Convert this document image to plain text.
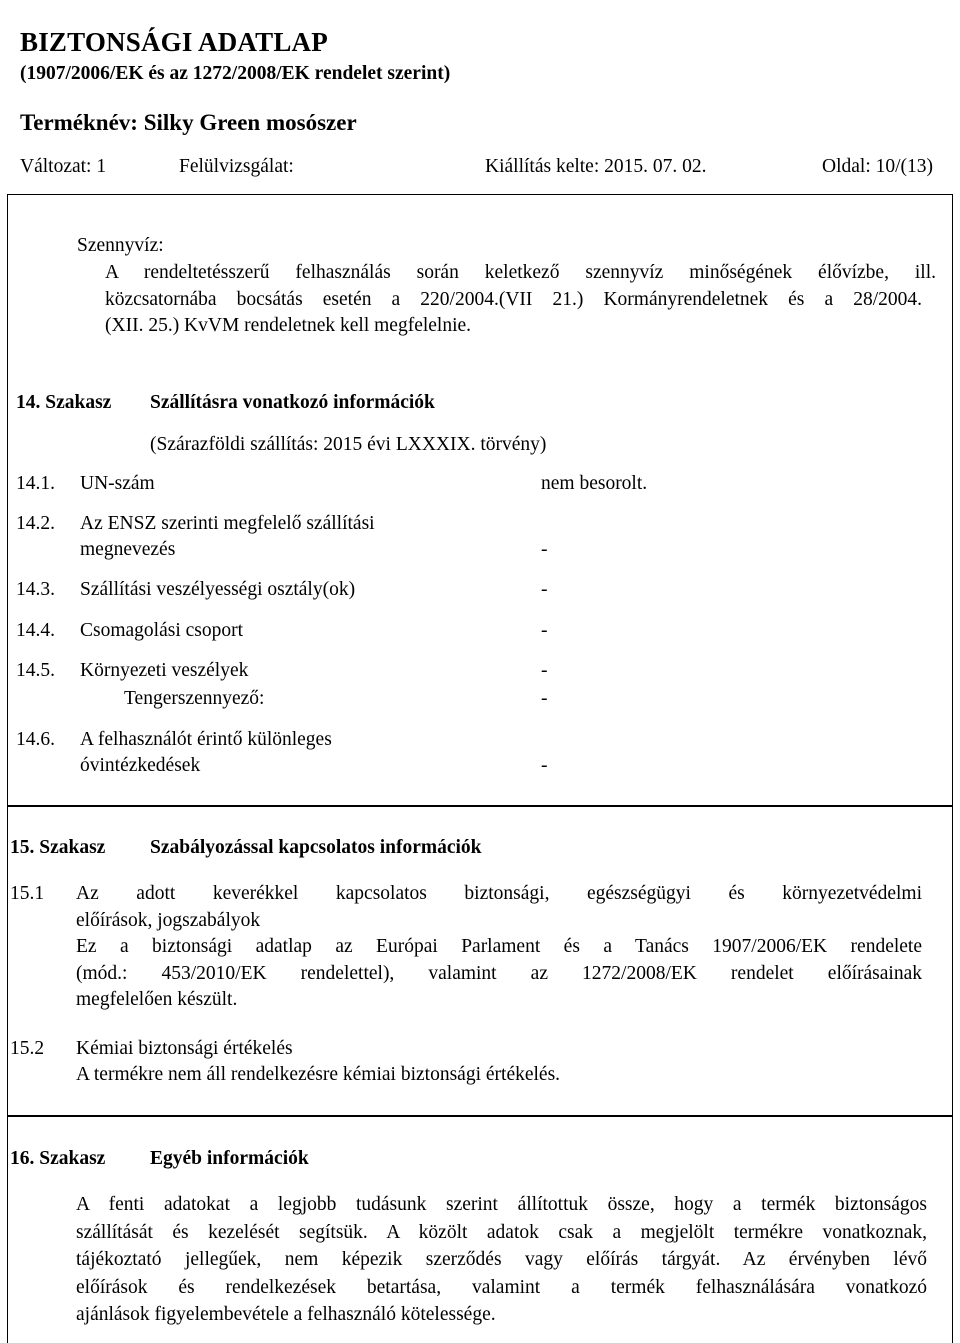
BIZTONSÁGI ADATLAP
(1907/2006/EK és az 1272/2008/EK rendelet szerint)
Terméknév: Silky Green mosószer
Változat: 1	Felülvizsgálat:	Kiállítás kelte: 2015. 07. 02.	Oldal: 10/(13)
Szennyvíz:
A rendeltetésszerű felhasználás során keletkező szennyvíz minőségének élővízbe, ill.
közcsatornába bocsátás esetén a 220/2004.(VII 21.) Kormányrendeletnek és a 28/2004.
(XII. 25.) KvVM rendeletnek kell megfelelnie.
14. Szakasz Szállításra vonatkozó információk
(Szárazföldi szállítás: 2015 évi LXXXIX. törvény)
14.1. UN-szám	nem besorolt.
14.2. Az ENSZ szerinti megfelelő szállítási
megnevezés	-
14.3. Szállítási veszélyességi osztály(ok)	-
14.4. Csomagolási csoport	-
14.5. Környezeti veszélyek	-
Tengerszennyező:	-
14.6. A felhasználót érintő különleges
óvintézkedések	-
15. Szakasz Szabályozással kapcsolatos információk
15.1 Az adott keverékkel kapcsolatos biztonsági, egészségügyi és környezetvédelmi
előírások, jogszabályok
Ez a biztonsági adatlap az Európai Parlament és a Tanács 1907/2006/EK rendelete
(mód.: 453/2010/EK rendelettel), valamint az 1272/2008/EK rendelet előírásainak
megfelelően készült.
15.2 Kémiai biztonsági értékelés
A termékre nem áll rendelkezésre kémiai biztonsági értékelés.
16. Szakasz Egyéb információk
A fenti adatokat a legjobb tudásunk szerint állítottuk össze, hogy a termék biztonságos
szállítását és kezelését segítsük. A közölt adatok csak a megjelölt termékre vonatkoznak,
tájékoztató jellegűek, nem képezik szerződés vagy előírás tárgyát. Az érvényben lévő
előírások és rendelkezések betartása, valamint a termék felhasználására vonatkozó
ajánlások figyelembevétele a felhasználó kötelessége.
